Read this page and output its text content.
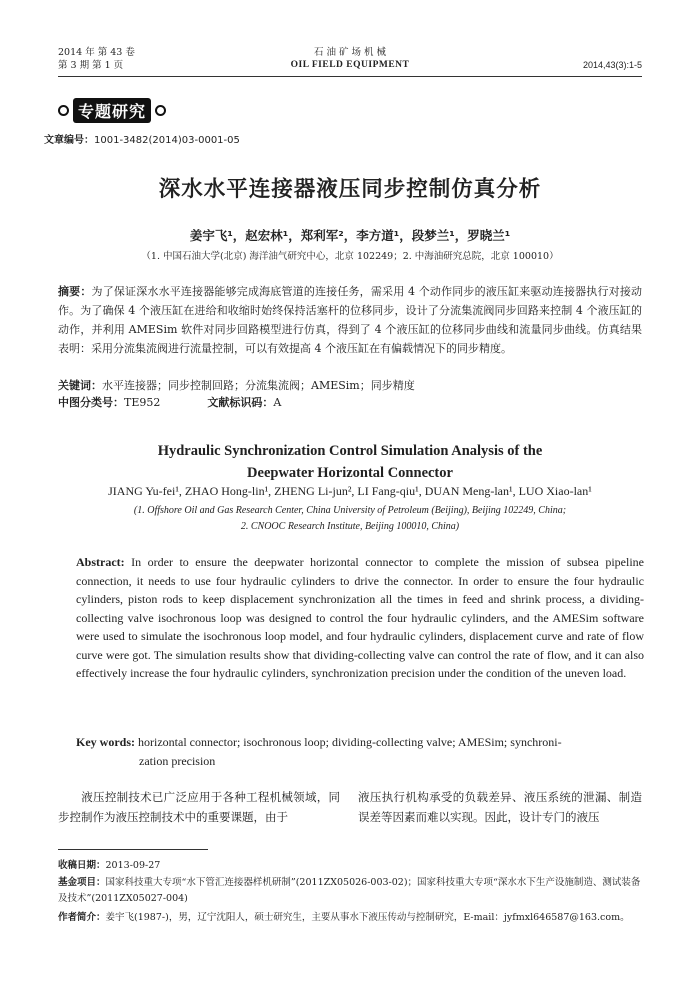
2014 年 第 43 卷
第 3 期 第 1 页
石 油 矿 场 机 械
OIL FIELD EQUIPMENT	2014,43(3):1-5
专题研究
文章编号：1001-3482(2014)03-0001-05
深水水平连接器液压同步控制仿真分析
姜宇飞¹，赵宏林¹，郑利军²，李方道¹，段梦兰¹，罗晓兰¹
（1. 中国石油大学(北京) 海洋油气研究中心，北京 102249；2. 中海油研究总院，北京 100010）
摘要：为了保证深水水平连接器能够完成海底管道的连接任务，需采用 4 个动作同步的液压缸来驱动连接器执行对接动作。为了确保 4 个液压缸在进给和收缩时始终保持活塞杆的位移同步，设计了分流集流阀同步回路来控制 4 个液压缸的动作，并利用 AMESim 软件对同步回路模型进行仿真，得到了 4 个液压缸的位移同步曲线和流量同步曲线。仿真结果表明：采用分流集流阀进行流量控制，可以有效提高 4 个液压缸在有偏载情况下的同步精度。
关键词：水平连接器；同步控制回路；分流集流阀；AMESim；同步精度
中图分类号：TE952	文献标识码：A
Hydraulic Synchronization Control Simulation Analysis of the
Deepwater Horizontal Connector
JIANG Yu-fei¹, ZHAO Hong-lin¹, ZHENG Li-jun², LI Fang-qiu¹, DUAN Meng-lan¹, LUO Xiao-lan¹
(1. Offshore Oil and Gas Research Center, China University of Petroleum (Beijing), Beijing 102249, China;
2. CNOOC Research Institute, Beijing 100010, China)
Abstract: In order to ensure the deepwater horizontal connector to complete the mission of subsea pipeline connection, it needs to use four hydraulic cylinders to drive the connector. In order to ensure the four hydraulic cylinders, piston rods to keep displacement synchronization all the times in feed and shrink process, a dividing-collecting valve isochronous loop was designed to control the four hydraulic cylinders, and the AMESim software were used to simulate the isochronous loop model, and four hydraulic cylinders, displacement curve and rate of flow curve were got. The simulation results show that dividing-collecting valve can control the rate of flow, and it can also effectively increase the four hydraulic cylinders, synchronization precision under the condition of the uneven load.
Key words: horizontal connector; isochronous loop; dividing-collecting valve; AMESim; synchroni-
zation precision
液压控制技术已广泛应用于各种工程机械领域，同步控制作为液压控制技术中的重要课题，由于
液压执行机构承受的负载差异、液压系统的泄漏、制造误差等因素而难以实现。因此，设计专门的液压
收稿日期：2013-09-27
基金项目：国家科技重大专项“水下管汇连接器样机研制”(2011ZX05026-003-02)；国家科技重大专项“深水水下生产设施制造、测试装备及技术”(2011ZX05027-004)
作者简介：姜宇飞(1987-)，男，辽宁沈阳人，硕士研究生，主要从事水下液压传动与控制研究，E-mail：jyfmxl646587@163.com。
